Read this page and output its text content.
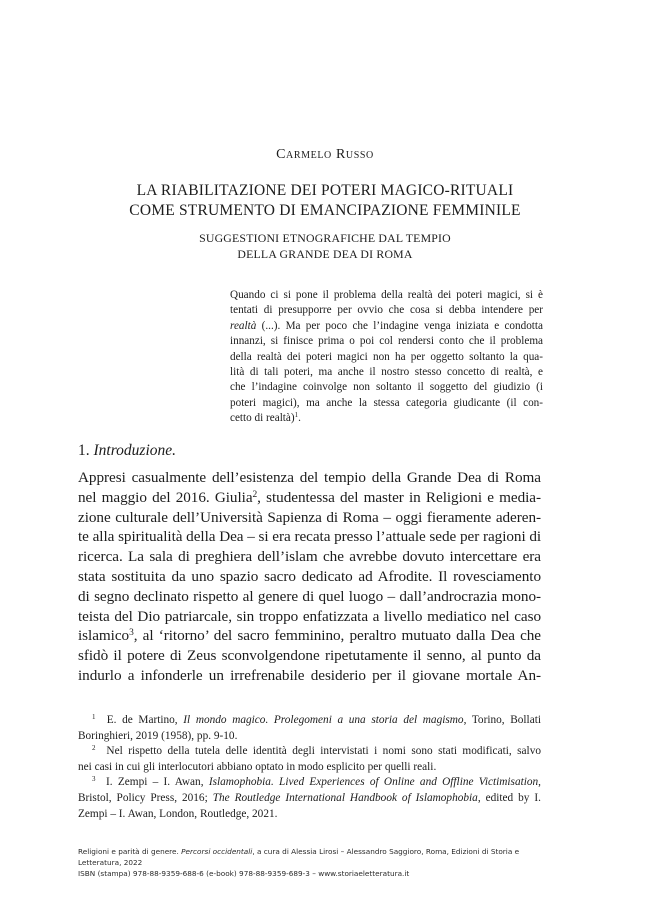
Carmelo Russo
LA RIABILITAZIONE DEI POTERI MAGICO-RITUALI
COME STRUMENTO DI EMANCIPAZIONE FEMMINILE
SUGGESTIONI ETNOGRAFICHE DAL TEMPIO
DELLA GRANDE DEA DI ROMA
Quando ci si pone il problema della realtà dei poteri magici, si è
tentati di presupporre per ovvio che cosa si debba intendere per
realtà (...). Ma per poco che l’indagine venga iniziata e condotta
innanzi, si finisce prima o poi col rendersi conto che il problema
della realtà dei poteri magici non ha per oggetto soltanto la qua-
lità di tali poteri, ma anche il nostro stesso concetto di realtà, e
che l’indagine coinvolge non soltanto il soggetto del giudizio (i
poteri magici), ma anche la stessa categoria giudicante (il con-
cetto di realtà)$^1$.
1. Introduzione.
Appresi casualmente dell’esistenza del tempio della Grande Dea di Roma
nel maggio del 2016. Giulia$^2$, studentessa del master in Religioni e media-
zione culturale dell’Università Sapienza di Roma – oggi fieramente aderen-
te alla spiritualità della Dea – si era recata presso l’attuale sede per ragioni di
ricerca. La sala di preghiera dell’islam che avrebbe dovuto intercettare era
stata sostituita da uno spazio sacro dedicato ad Afrodite. Il rovesciamento
di segno declinato rispetto al genere di quel luogo – dall’androcrazia mono-
teista del Dio patriarcale, sin troppo enfatizzata a livello mediatico nel caso
islamico$^3$, al ‘ritorno’ del sacro femminino, peraltro mutuato dalla Dea che
sfidò il potere di Zeus sconvolgendone ripetutamente il senno, al punto da
indurlo a infonderle un irrefrenabile desiderio per il giovane mortale An-
$^1$ E. de Martino, Il mondo magico. Prolegomeni a una storia del magismo, Torino, Bollati
Boringhieri, 2019 (1958), pp. 9-10.
$^2$ Nel rispetto della tutela delle identità degli intervistati i nomi sono stati modificati, salvo
nei casi in cui gli interlocutori abbiano optato in modo esplicito per quelli reali.
$^3$ I. Zempi – I. Awan, Islamophobia. Lived Experiences of Online and Offline Victimisation,
Bristol, Policy Press, 2016; The Routledge International Handbook of Islamophobia, edited by I.
Zempi – I. Awan, London, Routledge, 2021.
Religioni e parità di genere. Percorsi occidentali, a cura di Alessia Lirosi – Alessandro Saggioro, Roma, Edizioni di Storia e
Letteratura, 2022
ISBN (stampa) 978-88-9359-688-6 (e-book) 978-88-9359-689-3 – www.storiaeletteratura.it
